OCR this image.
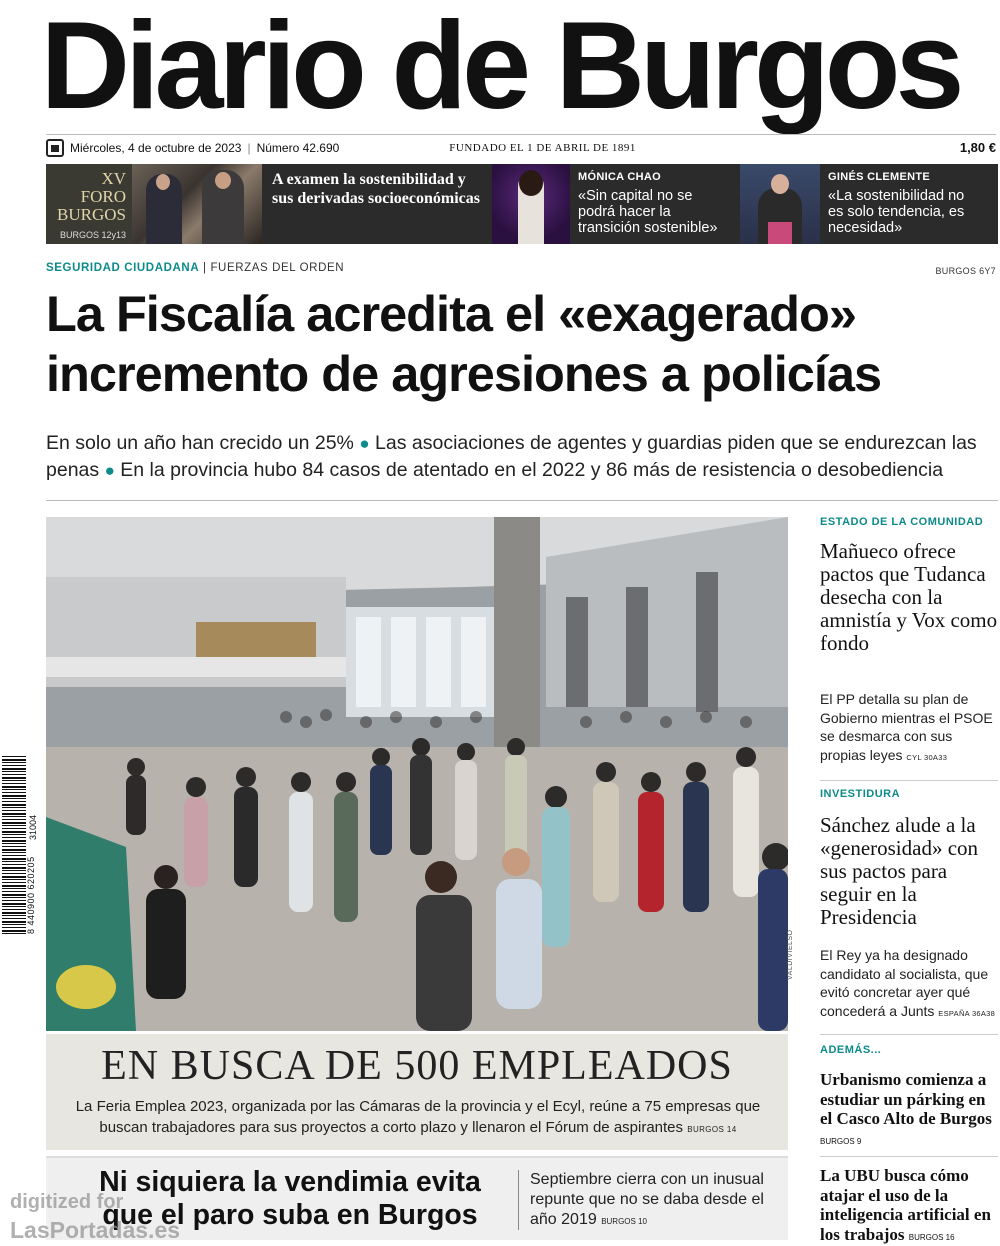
Diario de Burgos
Miércoles, 4 de octubre de 2023 | Número 42.690	FUNDADO EL 1 DE ABRIL DE 1891	1,80 €
XV
FORO
BURGOS
BURGOS 12y13
A examen la sostenibilidad y sus derivadas socioeconómicas
MÓNICA CHAO
«Sin capital no se podrá hacer la transición sostenible»
GINÉS CLEMENTE
«La sostenibilidad no es solo tendencia, es necesidad»
SEGURIDAD CIUDADANA | FUERZAS DEL ORDEN	BURGOS 6Y7
La Fiscalía acredita el «exagerado»
incremento de agresiones a policías

En solo un año han crecido un 25% ● Las asociaciones de agentes y guardias piden que se endurezcan las penas ● En la provincia hubo 84 casos de atentado en el 2022 y 86 más de resistencia o desobediencia

VALDIVIELSO
EN BUSCA DE 500 EMPLEADOS
La Feria Emplea 2023, organizada por las Cámaras de la provincia y el Ecyl, reúne a 75 empresas que buscan trabajadores para sus proyectos a corto plazo y llenaron el Fórum de aspirantes BURGOS 14
Ni siquiera la vendimia evita que el paro suba en Burgos
Septiembre cierra con un inusual repunte que no se daba desde el año 2019 BURGOS 10
ESTADO DE LA COMUNIDAD
Mañueco ofrece pactos que Tudanca desecha con la amnistía y Vox como fondo
El PP detalla su plan de Gobierno mientras el PSOE se desmarca con sus propias leyes CYL 30A33
INVESTIDURA
Sánchez alude a la «generosidad» con sus pactos para seguir en la Presidencia
El Rey ya ha designado candidato al socialista, que evitó concretar ayer qué concederá a Junts ESPAÑA 36A38
ADEMÁS...
Urbanismo comienza a estudiar un párking en el Casco Alto de Burgos BURGOS 9
La UBU busca cómo atajar el uso de la inteligencia artificial en los trabajos BURGOS 16
8 440900 620205
31004
digitized for
LasPortadas.es
